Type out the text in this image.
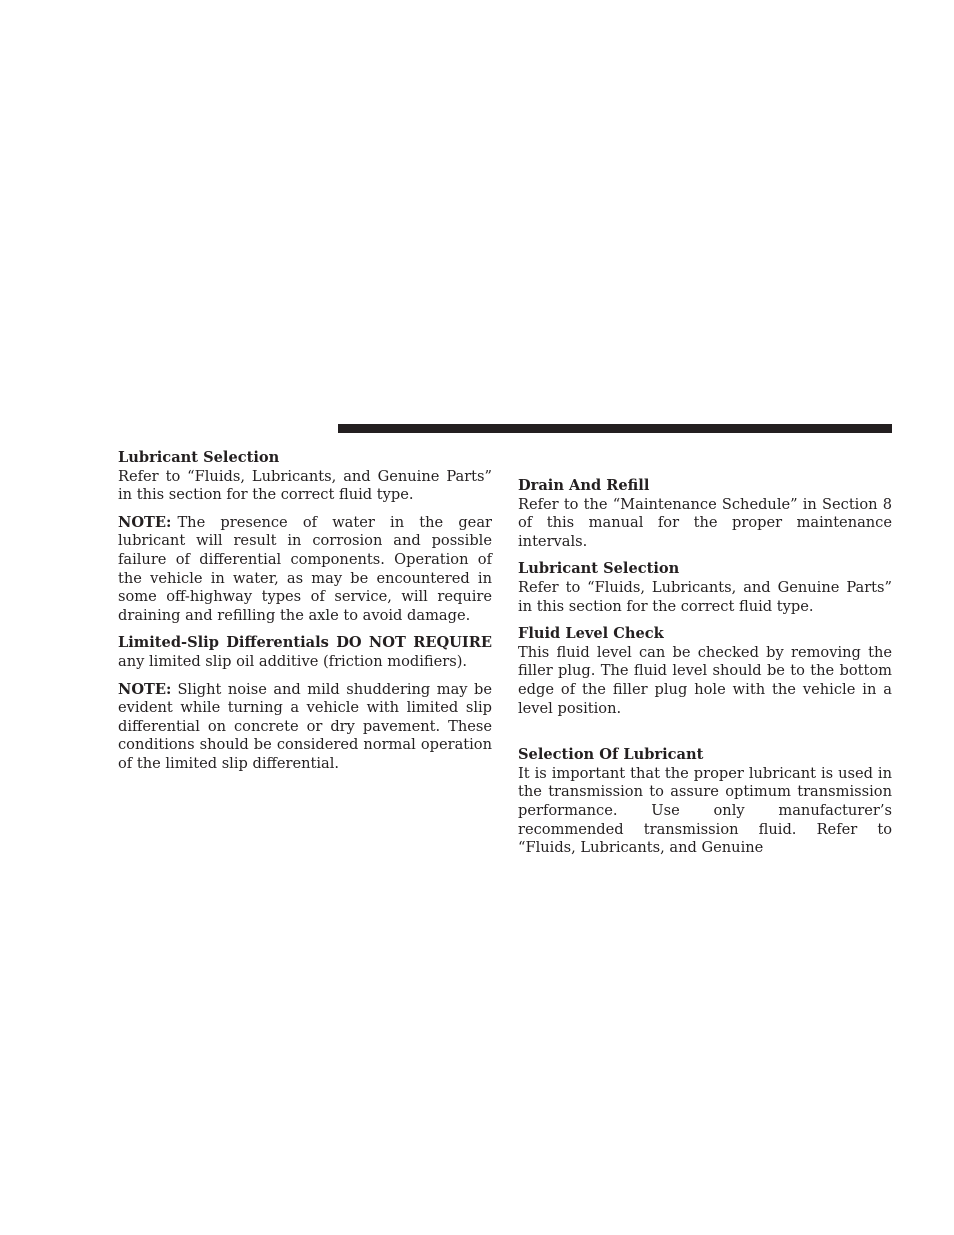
Lubricant Selection

Refer to “Fluids, Lubricants, and Genuine Parts” in this section for the correct fluid type.

NOTE: The presence of water in the gear lubricant will result in corrosion and possible failure of differential components. Operation of the vehicle in water, as may be encountered in some off-highway types of service, will require draining and refilling the axle to avoid damage.

Limited-Slip Differentials DO NOT REQUIRE any limited slip oil additive (friction modifiers).

NOTE: Slight noise and mild shuddering may be evident while turning a vehicle with limited slip differential on concrete or dry pavement. These conditions should be considered normal operation of the limited slip differential.

Drain And Refill

Refer to the “Maintenance Schedule” in Section 8 of this manual for the proper maintenance intervals.

Lubricant Selection

Refer to “Fluids, Lubricants, and Genuine Parts” in this section for the correct fluid type.

Fluid Level Check

This fluid level can be checked by removing the filler plug. The fluid level should be to the bottom edge of the filler plug hole with the vehicle in a level position.

Selection Of Lubricant

It is important that the proper lubricant is used in the transmission to assure optimum transmission performance. Use only manufacturer’s recommended transmission fluid. Refer to “Fluids, Lubricants, and Genuine
